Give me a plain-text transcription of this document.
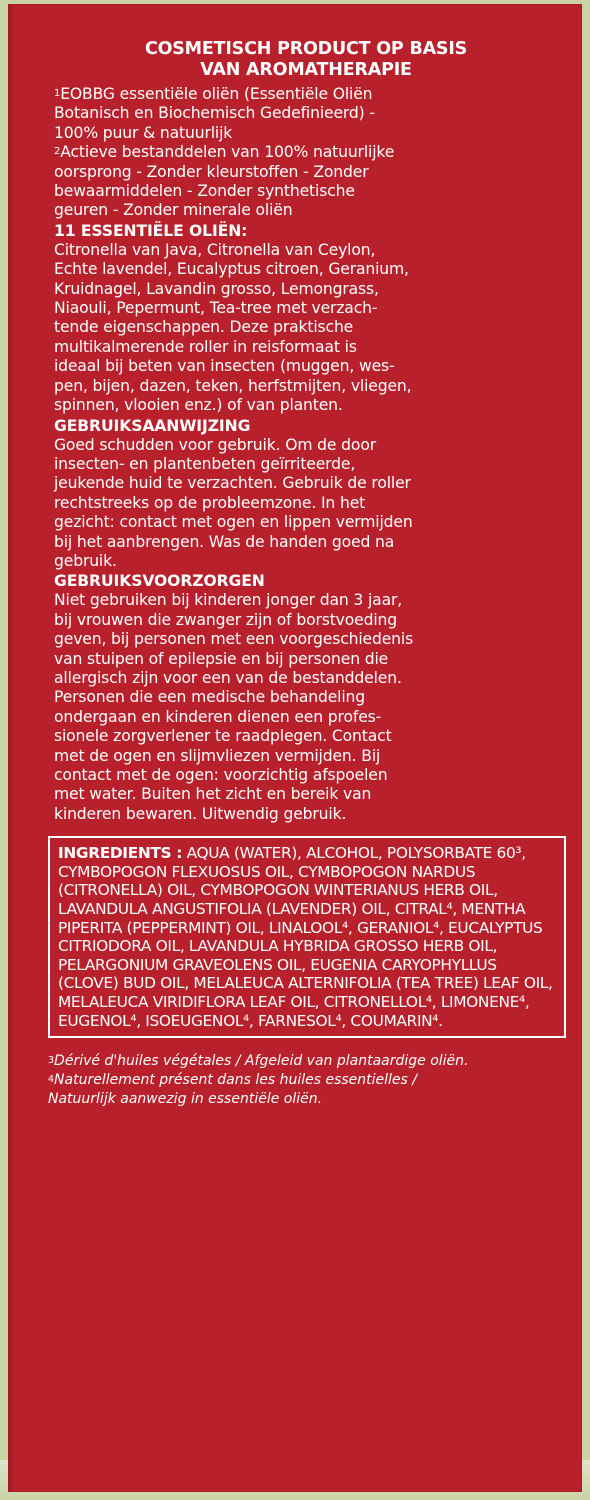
COSMETISCH PRODUCT OP BASIS
VAN AROMATHERAPIE

$^1$EOBBG essentiële oliën (Essentiële Oliën
Botanisch en Biochemisch Gedefinieerd) -
100% puur & natuurlijk

$^2$Actieve bestanddelen van 100% natuurlijke
oorsprong - Zonder kleurstoffen - Zonder
bewaarmiddelen - Zonder synthetische
geuren - Zonder minerale oliën

11 ESSENTIËLE OLIËN:

Citronella van Java, Citronella van Ceylon,
Echte lavendel, Eucalyptus citroen, Geranium,
Kruidnagel, Lavandin grosso, Lemongrass,
Niaouli, Pepermunt, Tea-tree met verzach-
tende eigenschappen. Deze praktische
multikalmerende roller in reisformaat is
ideaal bij beten van insecten (muggen, wes-
pen, bijen, dazen, teken, herfstmijten, vliegen,
spinnen, vlooien enz.) of van planten.

GEBRUIKSAANWIJZING

Goed schudden voor gebruik. Om de door
insecten- en plantenbeten geïrriteerde,
jeukende huid te verzachten. Gebruik de roller
rechtstreeks op de probleemzone. In het
gezicht: contact met ogen en lippen vermijden
bij het aanbrengen. Was de handen goed na
gebruik.

GEBRUIKSVOORZORGEN

Niet gebruiken bij kinderen jonger dan 3 jaar,
bij vrouwen die zwanger zijn of borstvoeding
geven, bij personen met een voorgeschiedenis
van stuipen of epilepsie en bij personen die
allergisch zijn voor een van de bestanddelen.
Personen die een medische behandeling
ondergaan en kinderen dienen een profes-
sionele zorgverlener te raadplegen. Contact
met de ogen en slijmvliezen vermijden. Bij
contact met de ogen: voorzichtig afspoelen
met water. Buiten het zicht en bereik van
kinderen bewaren. Uitwendig gebruik.

INGREDIENTS : AQUA (WATER), ALCOHOL, POLYSORBATE 60³, CYMBOPOGON FLEXUOSUS OIL, CYMBOPOGON NARDUS (CITRONELLA) OIL, CYMBOPOGON WINTERIANUS HERB OIL, LAVANDULA ANGUSTIFOLIA (LAVENDER) OIL, CITRAL⁴, MENTHA PIPERITA (PEPPERMINT) OIL, LINALOOL⁴, GERANIOL⁴, EUCALYPTUS CITRIODORA OIL, LAVANDULA HYBRIDA GROSSO HERB OIL, PELARGONIUM GRAVEOLENS OIL, EUGENIA CARYOPHYLLUS (CLOVE) BUD OIL, MELALEUCA ALTERNIFOLIA (TEA TREE) LEAF OIL, MELALEUCA VIRIDIFLORA LEAF OIL, CITRONELLOL⁴, LIMONENE⁴, EUGENOL⁴, ISOEUGENOL⁴, FARNESOL⁴, COUMARIN⁴.
$^3$Dérivé d'huiles végétales / Afgeleid van plantaardige oliën.
$^4$Naturellement présent dans les huiles essentielles /
Natuurlijk aanwezig in essentiële oliën.
